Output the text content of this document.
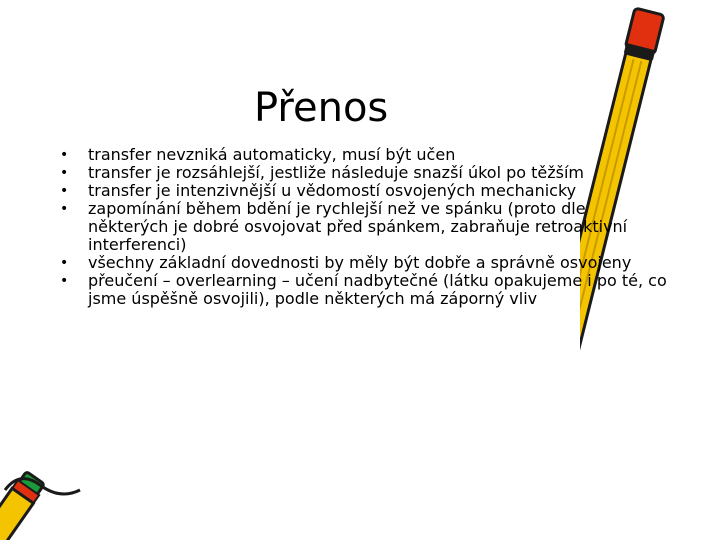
Přenos
• transfer nevzniká automaticky, musí být učen
• transfer je rozsáhlejší, jestliže následuje snazší úkol po těžším
• transfer je intenzivnější u vědomostí osvojených mechanicky
• zapomínání během bdění je rychlejší než ve spánku (proto dle některých je dobré osvojovat před spánkem, zabraňuje retroaktivní interferenci)
• všechny základní dovednosti by měly být dobře a správně osvojeny
• přeučení – overlearning – učení nadbytečné (látku opakujeme i po té, co jsme úspěšně osvojili), podle některých má záporný vliv
